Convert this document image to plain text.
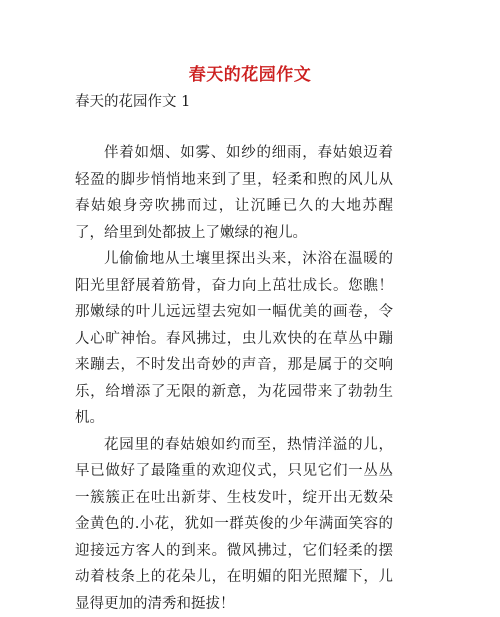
春天的花园作文

春天的花园作文 1

伴着如烟、如雾、如纱的细雨，春姑娘迈着轻盈的脚步悄悄地来到了里，轻柔和煦的风儿从春姑娘身旁吹拂而过，让沉睡已久的大地苏醒了，给里到处都披上了嫩绿的袍儿。

儿偷偷地从土壤里探出头来，沐浴在温暖的阳光里舒展着筋骨，奋力向上茁壮成长。您瞧！那嫩绿的叶儿远远望去宛如一幅优美的画卷，令人心旷神怡。春风拂过，虫儿欢快的在草丛中蹦来蹦去，不时发出奇妙的声音，那是属于的交响乐，给增添了无限的新意，为花园带来了勃勃生机。

花园里的春姑娘如约而至，热情洋溢的儿，早已做好了最隆重的欢迎仪式，只见它们一丛丛一簇簇正在吐出新芽、生枝发叶，绽开出无数朵金黄色的.小花，犹如一群英俊的少年满面笑容的迎接远方客人的到来。微风拂过，它们轻柔的摆动着枝条上的花朵儿，在明媚的阳光照耀下，儿显得更加的清秀和挺拔！
